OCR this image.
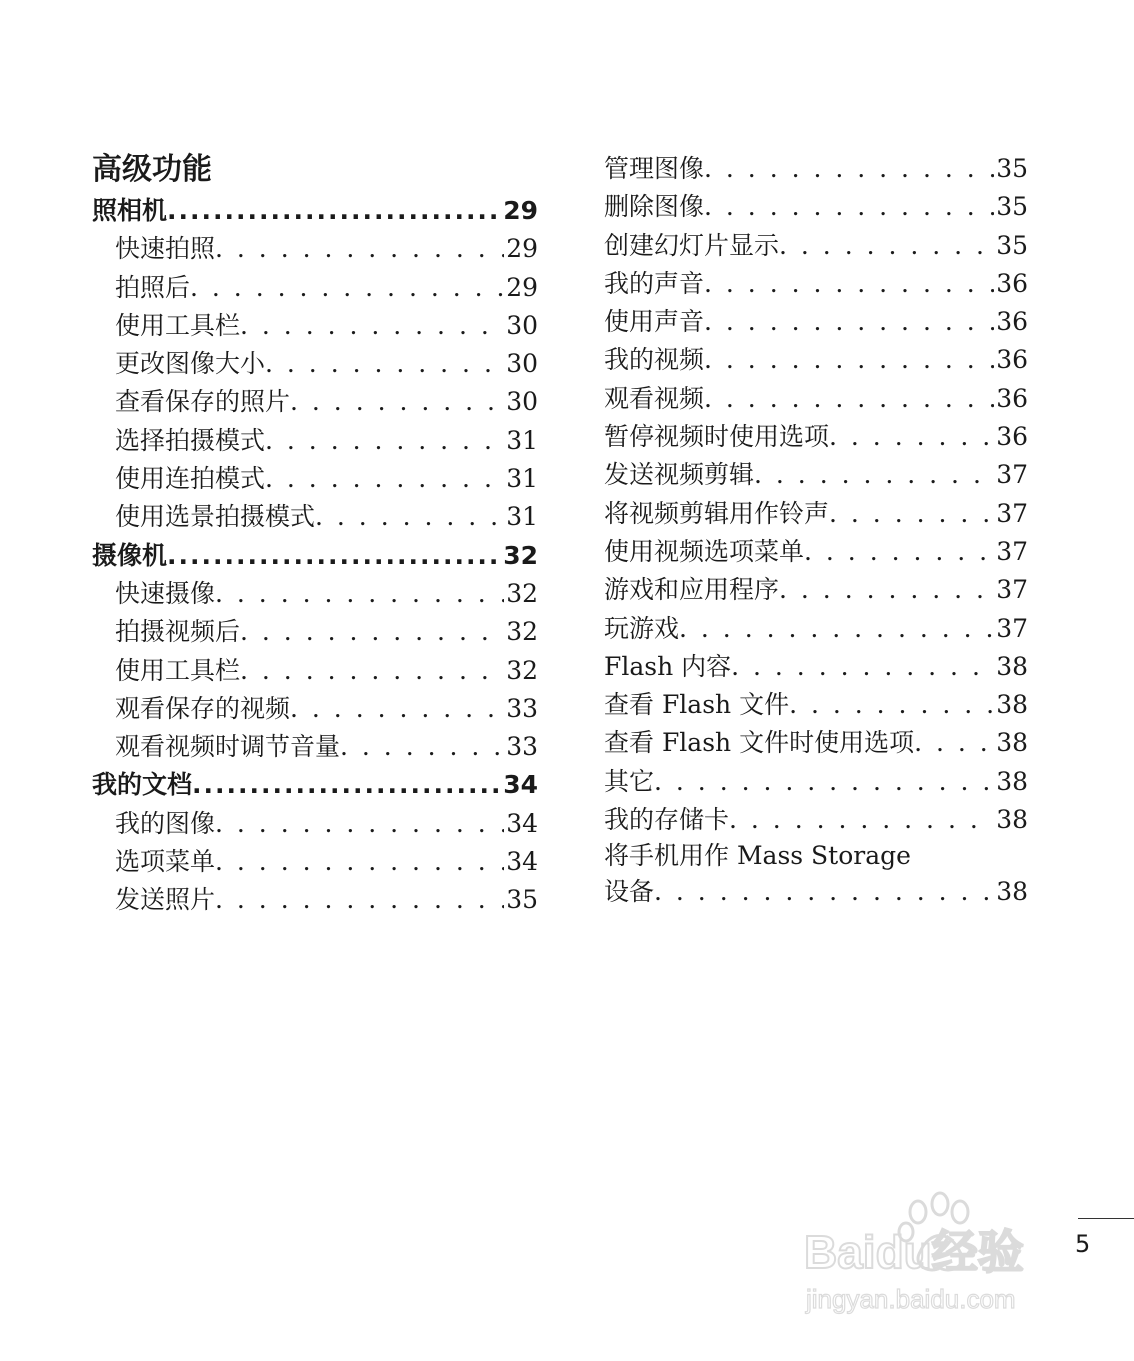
高级功能
照相机 .....	29
快速拍照 . . .	29
拍照后 . . .	29
使用工具栏 . . .	30
更改图像大小 . . .	30
查看保存的照片 . . .	30
选择拍摄模式 . . .	31
使用连拍模式 . . .	31
使用选景拍摄模式 . . .	31
摄像机 .....	32
快速摄像 . . .	32
拍摄视频后 . . .	32
使用工具栏 . . .	32
观看保存的视频 . . .	33
观看视频时调节音量 . . .	33
我的文档 .....	34
我的图像 . . .	34
选项菜单 . . .	34
发送照片 . . .	35
管理图像 . . .	35
删除图像 . . .	35
创建幻灯片显示 . . .	35
我的声音 . . .	36
使用声音 . . .	36
我的视频 . . .	36
观看视频 . . .	36
暂停视频时使用选项 . . .	36
发送视频剪辑 . . .	37
将视频剪辑用作铃声 . . .	37
使用视频选项菜单 . . .	37
游戏和应用程序 . . .	37
玩游戏 . . .	37
Flash 内容 . . .	38
查看 Flash 文件 . . .	38
查看 Flash 文件时使用选项 . . .	38
其它 . . .	38
我的存储卡 . . .	38
将手机用作 Mass Storage
设备 . . .	38
5
Baidu经验
jingyan.baidu.com
